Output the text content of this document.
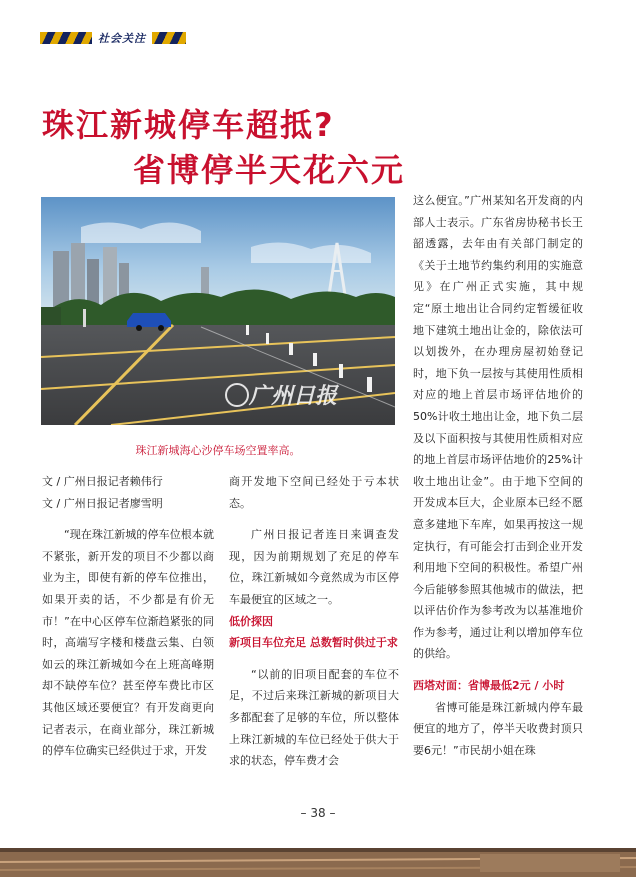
社会关注
珠江新城停车超抵?
省博停半天花六元
广州日报
珠江新城海心沙停车场空置率高。

文 / 广州日报记者赖伟行

文 / 广州日报记者廖雪明

“现在珠江新城的停车位根本就不紧张，新开发的项目不少都以商业为主，即使有新的停车位推出，如果开卖的话，不少都是有价无市！”在中心区停车位渐趋紧张的同时，高端写字楼和楼盘云集、白领如云的珠江新城如今在上班高峰期却不缺停车位？甚至停车费比市区其他区域还要便宜？有开发商更向记者表示，在商业部分，珠江新城的停车位确实已经供过于求，开发

商开发地下空间已经处于亏本状态。

广州日报记者连日来调查发现，因为前期规划了充足的停车位，珠江新城如今竟然成为市区停车最便宜的区域之一。

低价探因

新项目车位充足 总数暂时供过于求

“以前的旧项目配套的车位不足，不过后来珠江新城的新项目大多都配套了足够的车位，所以整体上珠江新城的车位已经处于供大于求的状态，停车费才会

这么便宜。”广州某知名开发商的内部人士表示。广东省房协秘书长王韶透露，去年由有关部门制定的《关于土地节约集约利用的实施意见》在广州正式实施，其中规定“原土地出让合同约定暂缓征收地下建筑土地出让金的，除依法可以划拨外，在办理房屋初始登记时，地下负一层按与其使用性质相对应的地上首层市场评估地价的50%计收土地出让金，地下负二层及以下面积按与其使用性质相对应的地上首层市场评估地价的25%计收土地出让金”。由于地下空间的开发成本巨大，企业原本已经不愿意多建地下车库，如果再按这一规定执行，有可能会打击到企业开发利用地下空间的积极性。希望广州今后能够参照其他城市的做法，把以评估价作为参考改为以基准地价作为参考，通过让利以增加停车位的供给。

西塔对面：省博最低2元 / 小时

省博可能是珠江新城内停车最便宜的地方了，停半天收费封顶只要6元！”市民胡小姐在珠

– 38 –
